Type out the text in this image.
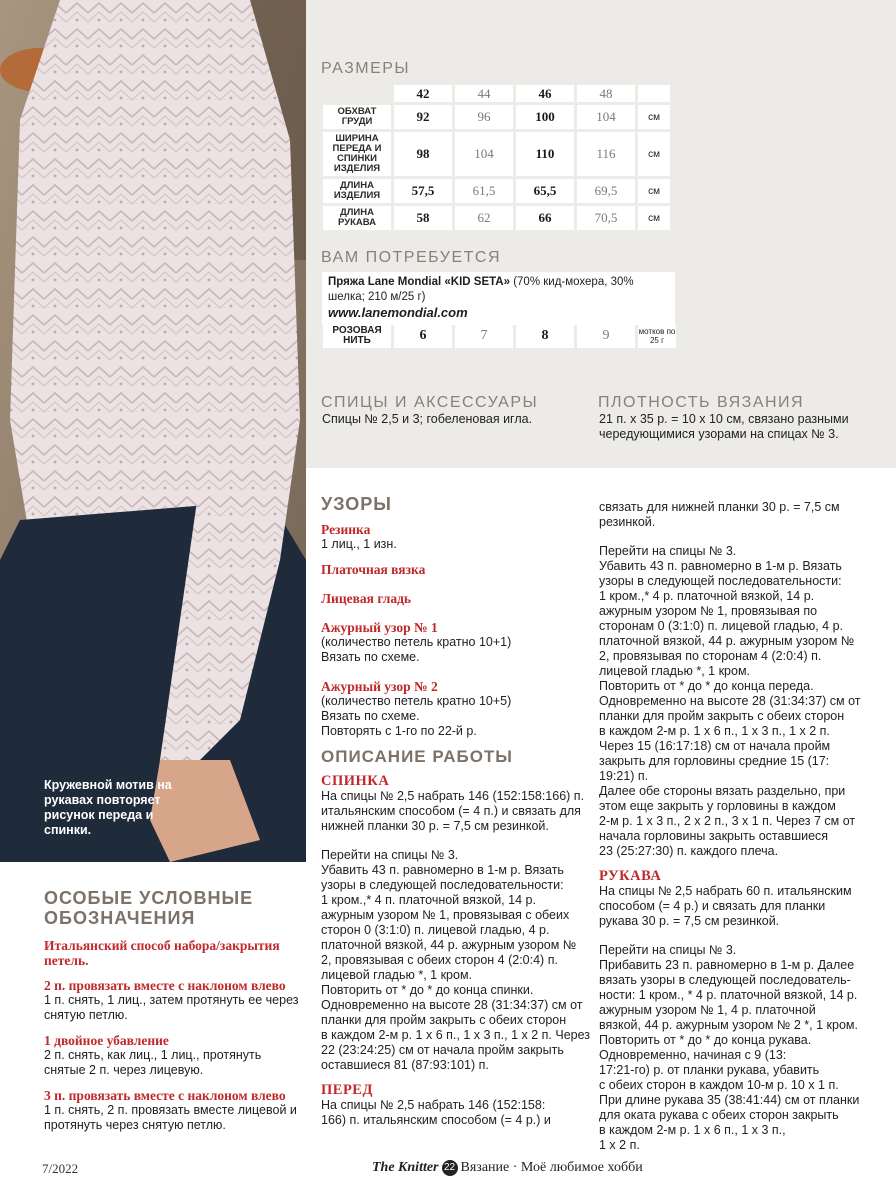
Кружевной мотив на рукавах повторяет рисунок переда и спинки.
РАЗМЕРЫ
	42	44	46	48	
ОБХВАТ ГРУДИ	92	96	100	104	см
ШИРИНА ПЕРЕДА И СПИНКИ ИЗДЕЛИЯ	98	104	110	116	см
ДЛИНА ИЗДЕЛИЯ	57,5	61,5	65,5	69,5	см
ДЛИНА РУКАВА	58	62	66	70,5	см
ВАМ ПОТРЕБУЕТСЯ
Пряжа Lane Mondial «KID SETA» (70% кид-мохера, 30% шелка; 210 м/25 г)
www.lanemondial.com
РОЗОВАЯ НИТЬ	6	7	8	9	мотков по 25 г
СПИЦЫ И АКСЕССУАРЫ
Спицы № 2,5 и 3; гобеленовая игла.
ПЛОТНОСТЬ ВЯЗАНИЯ
21 п. x 35 р. = 10 x 10 см, связано разными чередующимися узорами на спицах № 3.
УЗОРЫ
Резинка
1 лиц., 1 изн.
Платочная вязка
Лицевая гладь
Ажурный узор № 1
(количество петель кратно 10+1)
Вязать по схеме.
Ажурный узор № 2
(количество петель кратно 10+5)
Вязать по схеме.
Повторять с 1-го по 22-й р.
ОПИСАНИЕ РАБОТЫ
СПИНКА
На спицы № 2,5 набрать 146 (152:158:166) п.
итальянским способом (= 4 п.) и связать для
нижней планки 30 р. = 7,5 см резинкой.
Перейти на спицы № 3.
Убавить 43 п. равномерно в 1-м р. Вязать
узоры в следующей последовательности:
1 кром.,* 4 п. платочной вязкой, 14 р.
ажурным узором № 1, провязывая с обеих
сторон 0 (3:1:0) п. лицевой гладью, 4 р.
платочной вязкой, 44 р. ажурным узором №
2, провязывая с обеих сторон 4 (2:0:4) п.
лицевой гладью *, 1 кром.
Повторить от * до * до конца спинки.
Одновременно на высоте 28 (31:34:37) см от
планки для пройм закрыть с обеих сторон
в каждом 2-м р. 1 x 6 п., 1 x 3 п., 1 x 2 п. Через
22 (23:24:25) см от начала пройм закрыть
оставшиеся 81 (87:93:101) п.
ПЕРЕД
На спицы № 2,5 набрать 146 (152:158:
166) п. итальянским способом (= 4 р.) и
связать для нижней планки 30 р. = 7,5 см
резинкой.
Перейти на спицы № 3.
Убавить 43 п. равномерно в 1-м р. Вязать
узоры в следующей последовательности:
1 кром.,* 4 р. платочной вязкой, 14 р.
ажурным узором № 1, провязывая по
сторонам 0 (3:1:0) п. лицевой гладью, 4 р.
платочной вязкой, 44 р. ажурным узором №
2, провязывая по сторонам 4 (2:0:4) п.
лицевой гладью *, 1 кром.
Повторить от * до * до конца переда.
Одновременно на высоте 28 (31:34:37) см от
планки для пройм закрыть с обеих сторон
в каждом 2-м р. 1 x 6 п., 1 x 3 п., 1 x 2 п.
Через 15 (16:17:18) см от начала пройм
закрыть для горловины средние 15 (17:
19:21) п.
Далее обе стороны вязать раздельно, при
этом еще закрыть у горловины в каждом
2-м р. 1 x 3 п., 2 x 2 п., 3 x 1 п. Через 7 см от
начала горловины закрыть оставшиеся
23 (25:27:30) п. каждого плеча.
РУКАВА
На спицы № 2,5 набрать 60 п. итальянским
способом (= 4 р.) и связать для планки
рукава 30 р. = 7,5 см резинкой.
Перейти на спицы № 3.
Прибавить 23 п. равномерно в 1-м р. Далее
вязать узоры в следующей последователь-
ности: 1 кром., * 4 р. платочной вязкой, 14 р.
ажурным узором № 1, 4 р. платочной
вязкой, 44 р. ажурным узором № 2 *, 1 кром.
Повторить от * до * до конца рукава.
Одновременно, начиная с 9 (13:
17:21-го) р. от планки рукава, убавить
с обеих сторон в каждом 10-м р. 10 x 1 п.
При длине рукава 35 (38:41:44) см от планки
для оката рукава с обеих сторон закрыть
в каждом 2-м р. 1 x 6 п., 1 x 3 п.,
1 x 2 п.
ОСОБЫЕ УСЛОВНЫЕ ОБОЗНАЧЕНИЯ
Итальянский способ набора/закрытия петель.
2 п. провязать вместе с наклоном влево
1 п. снять, 1 лиц., затем протянуть ее через снятую петлю.
1 двойное убавление
2 п. снять, как лиц., 1 лиц., протянуть снятые 2 п. через лицевую.
3 п. провязать вместе с наклоном влево
1 п. снять, 2 п. провязать вместе лицевой и протянуть через снятую петлю.
7/2022	The Knitter 22 Вязание · Моё любимое хобби
